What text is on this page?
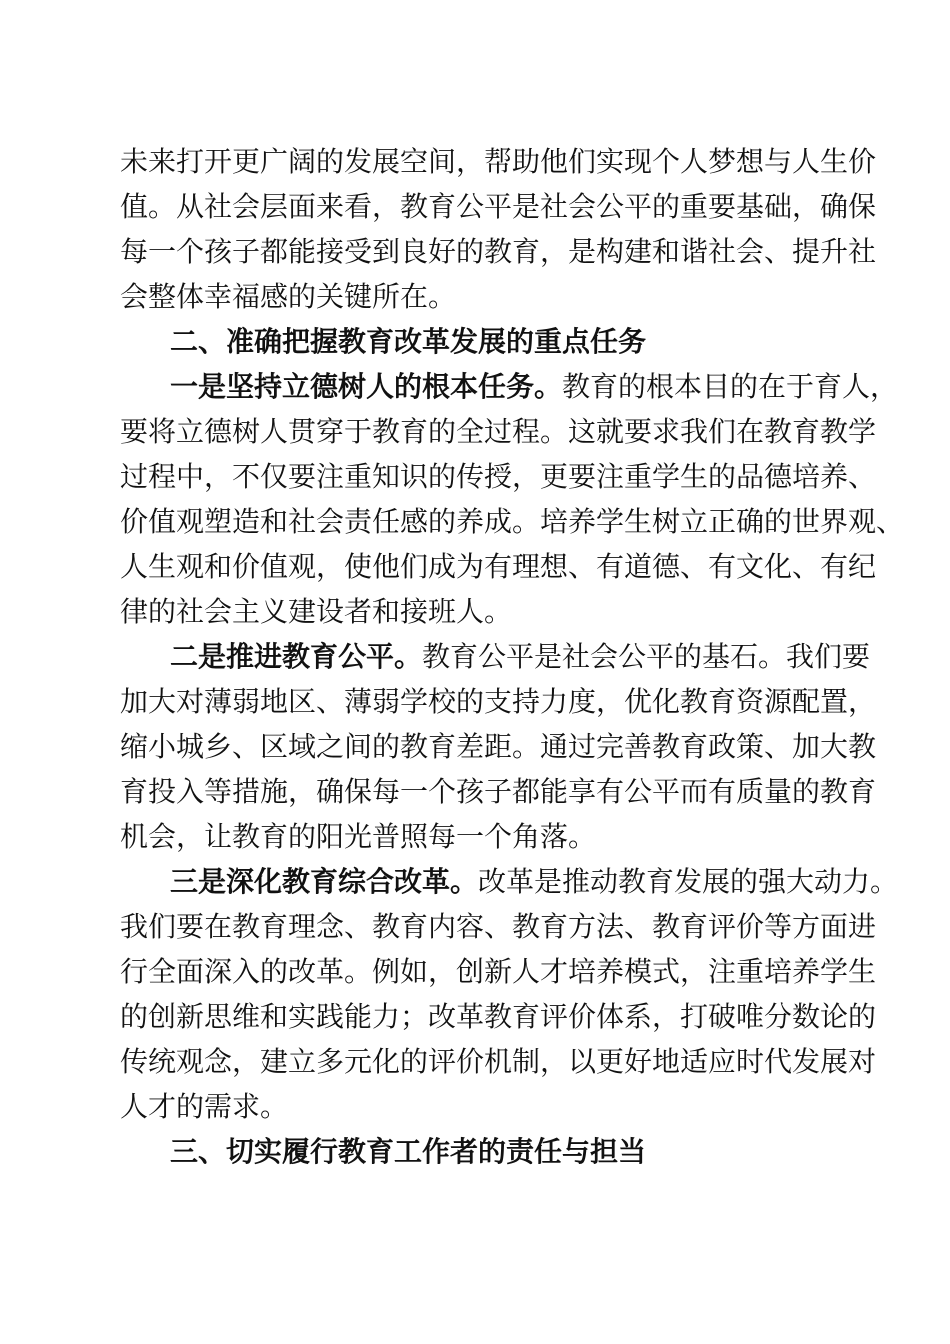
未来打开更广阔的发展空间，帮助他们实现个人梦想与人生价
值。从社会层面来看，教育公平是社会公平的重要基础，确保
每一个孩子都能接受到良好的教育，是构建和谐社会、提升社
会整体幸福感的关键所在。
二、准确把握教育改革发展的重点任务
一是坚持立德树人的根本任务。教育的根本目的在于育人，
要将立德树人贯穿于教育的全过程。这就要求我们在教育教学
过程中，不仅要注重知识的传授，更要注重学生的品德培养、
价值观塑造和社会责任感的养成。培养学生树立正确的世界观、
人生观和价值观，使他们成为有理想、有道德、有文化、有纪
律的社会主义建设者和接班人。
二是推进教育公平。教育公平是社会公平的基石。我们要
加大对薄弱地区、薄弱学校的支持力度，优化教育资源配置，
缩小城乡、区域之间的教育差距。通过完善教育政策、加大教
育投入等措施，确保每一个孩子都能享有公平而有质量的教育
机会，让教育的阳光普照每一个角落。
三是深化教育综合改革。改革是推动教育发展的强大动力。
我们要在教育理念、教育内容、教育方法、教育评价等方面进
行全面深入的改革。例如，创新人才培养模式，注重培养学生
的创新思维和实践能力；改革教育评价体系，打破唯分数论的
传统观念，建立多元化的评价机制，以更好地适应时代发展对
人才的需求。
三、切实履行教育工作者的责任与担当
